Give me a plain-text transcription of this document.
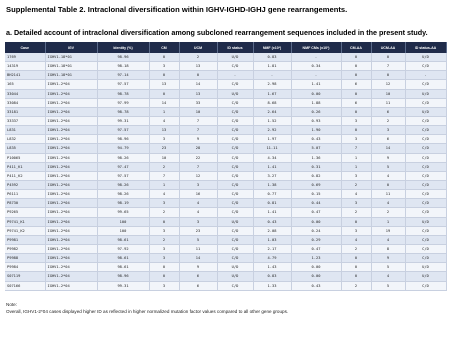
Supplemental Table 2. Intraclonal diversification within IGHV-IGHD-IGHJ gene rearrangements.
a. Detailed account of intraclonal diversification among subcloned rearrangement sequences included in the present study.
Case	IGV	Identity (%)	CM	UCM	ID status	NMF (x10³)	NMF CMs (x10³)	CM-AA	UCM-AA	ID status-AA
1769	IGHV1-18*01	98.96	0	2	U/D	0.83	-	0	0	U/D
14319	IGHV1-18*01	98.18	3	13	C/D	1.81	0.34	0	7	C/D
BH2141	IGHV1-18*01	97.14	0	0	-	-	-	0	0	-
165	IGHV1-2*04	97.57	13	14	C/D	2.98	1.41	6	12	C/D
33044	IGHV1-2*04	98.78	0	13	U/D	1.67	0.00	0	10	U/D
33084	IGHV1-2*04	97.99	14	33	C/D	8.68	1.88	6	11	C/D
33181	IGHV1-2*04	98.78	1	10	C/D	2.64	0.26	0	6	U/D
33337	IGHV1-2*04	99.31	4	7	C/D	1.52	0.93	3	2	C/D
L831	IGHV1-2*04	97.57	13	7	C/D	2.92	1.90	0	3	C/D
L832	IGHV1-2*04	98.96	3	9	C/D	1.97	0.43	3	6	C/D
L835	IGHV1-2*04	94.79	23	28	C/D	11.11	5.07	7	14	C/D
P10065	IGHV1-2*04	98.26	10	22	C/D	4.34	1.36	1	9	C/D
P411_K1	IGHV1-2*04	97.47	2	7	C/D	1.41	0.31	1	5	C/D
P411_K2	IGHV1-2*04	97.57	7	12	C/D	3.27	0.82	3	4	C/D
P4592	IGHV1-2*04	98.26	1	3	C/D	1.38	0.69	2	0	C/D
P6111	IGHV1-2*04	98.26	4	16	C/D	0.77	0.15	4	11	C/D
P8730	IGHV1-2*04	98.19	3	4	C/D	0.81	0.44	3	4	C/D
P9265	IGHV1-2*04	99.65	2	4	C/D	1.41	0.47	2	2	C/D
P9741_K1	IGHV1-2*04	100	0	3	U/D	0.43	0.00	0	1	U/D
P9741_K2	IGHV1-2*04	100	3	23	C/D	2.08	0.24	3	19	C/D
P9981	IGHV1-2*04	98.61	2	5	C/D	1.03	0.29	4	4	C/D
P9982	IGHV1-2*04	97.92	3	11	C/D	2.17	0.47	2	8	C/D
P9988	IGHV1-2*04	98.61	3	14	C/D	4.79	1.23	0	9	C/D
P9984	IGHV1-2*04	98.61	0	9	U/D	1.43	0.00	0	5	U/D
S07119	IGHV1-2*04	98.96	0	6	U/D	0.83	0.00	0	4	U/D
S07166	IGHV1-2*04	99.31	3	6	C/D	1.33	0.43	2	5	C/D
Note:
Overall, IGHV1-2*04 cases displayed higher ID as reflected in higher normalized mutation factor values compared to all other gene groups.
